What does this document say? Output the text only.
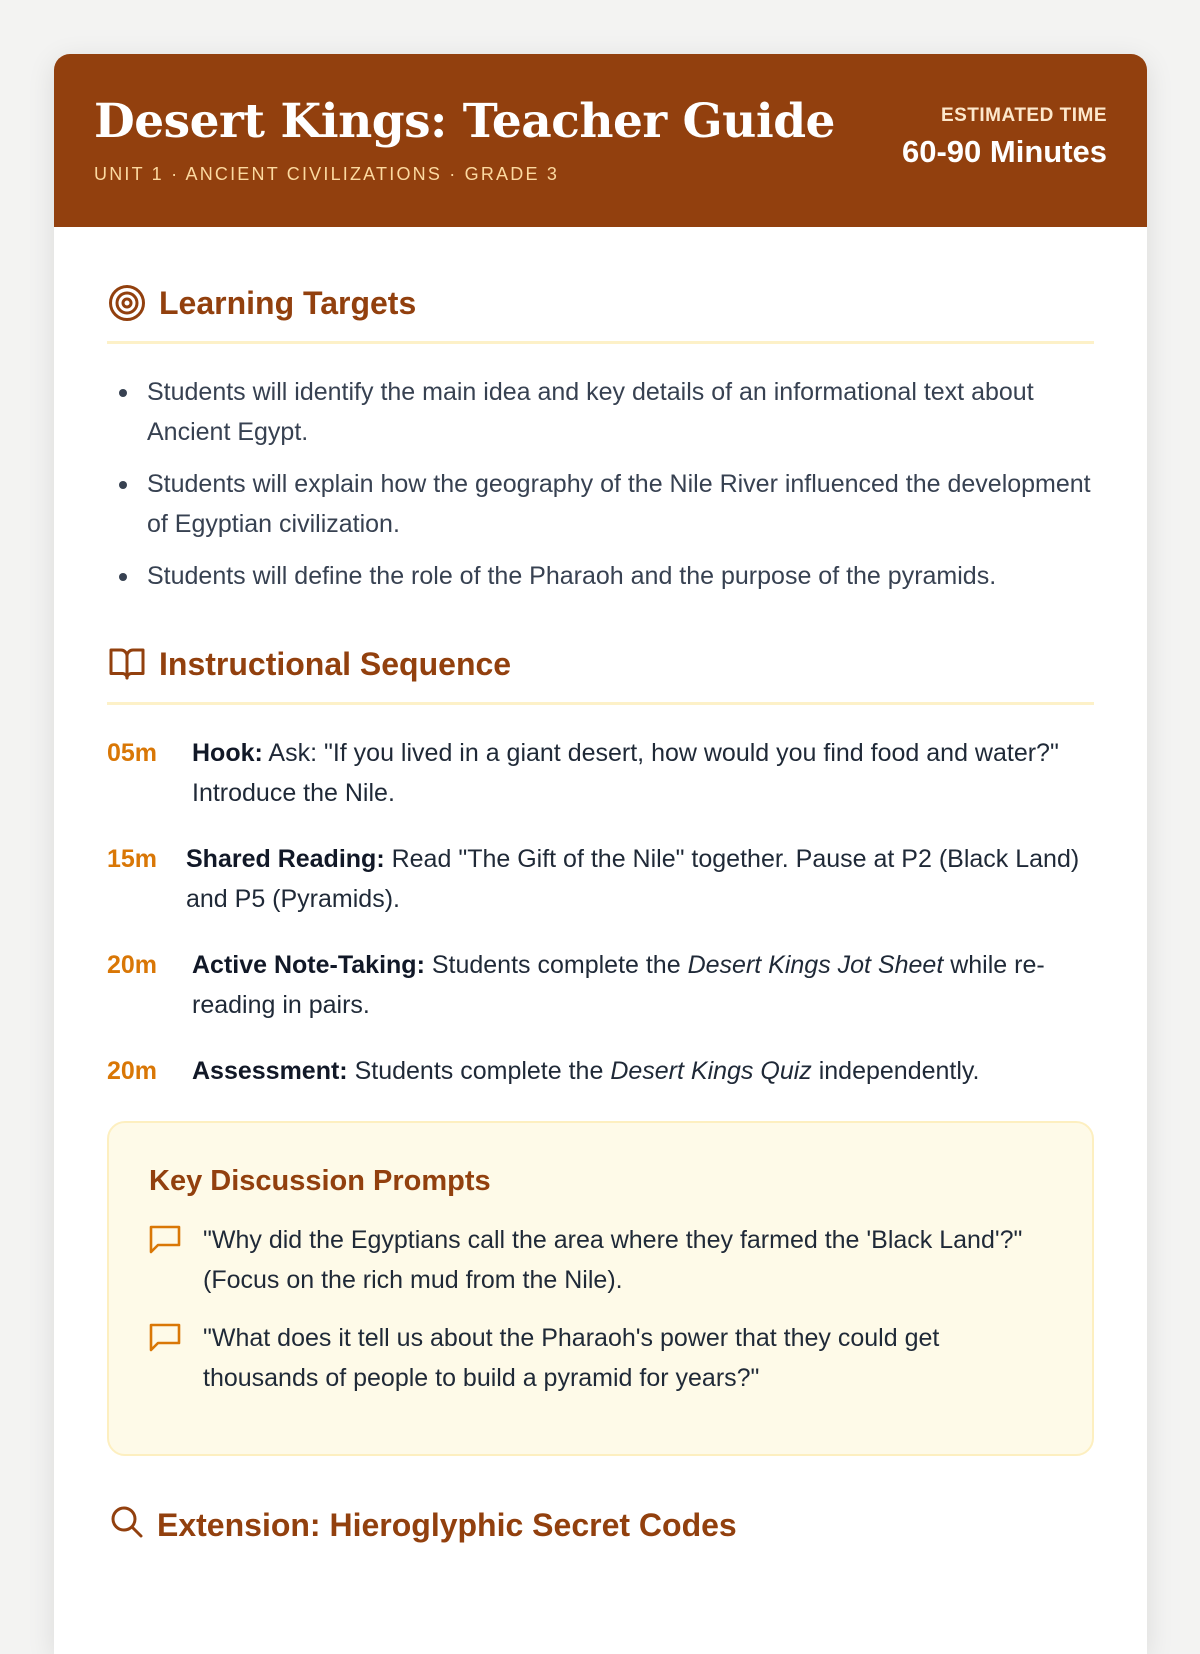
Desert Kings: Teacher Guide
UNIT 1 · ANCIENT CIVILIZATIONS · GRADE 3
ESTIMATED TIME
60-90 Minutes
Learning Targets
Students will identify the main idea and key details of an informational text about Ancient Egypt.
Students will explain how the geography of the Nile River influenced the development of Egyptian civilization.
Students will define the role of the Pharaoh and the purpose of the pyramids.
Instructional Sequence
05m	Hook: Ask: "If you lived in a giant desert, how would you find food and water?" Introduce the Nile.
15m	Shared Reading: Read "The Gift of the Nile" together. Pause at P2 (Black Land) and P5 (Pyramids).
20m	Active Note-Taking: Students complete the Desert Kings Jot Sheet while re-reading in pairs.
20m	Assessment: Students complete the Desert Kings Quiz independently.
Key Discussion Prompts
"Why did the Egyptians call the area where they farmed the 'Black Land'?" (Focus on the rich mud from the Nile).
"What does it tell us about the Pharaoh's power that they could get thousands of people to build a pyramid for years?"
Extension: Hieroglyphic Secret Codes
